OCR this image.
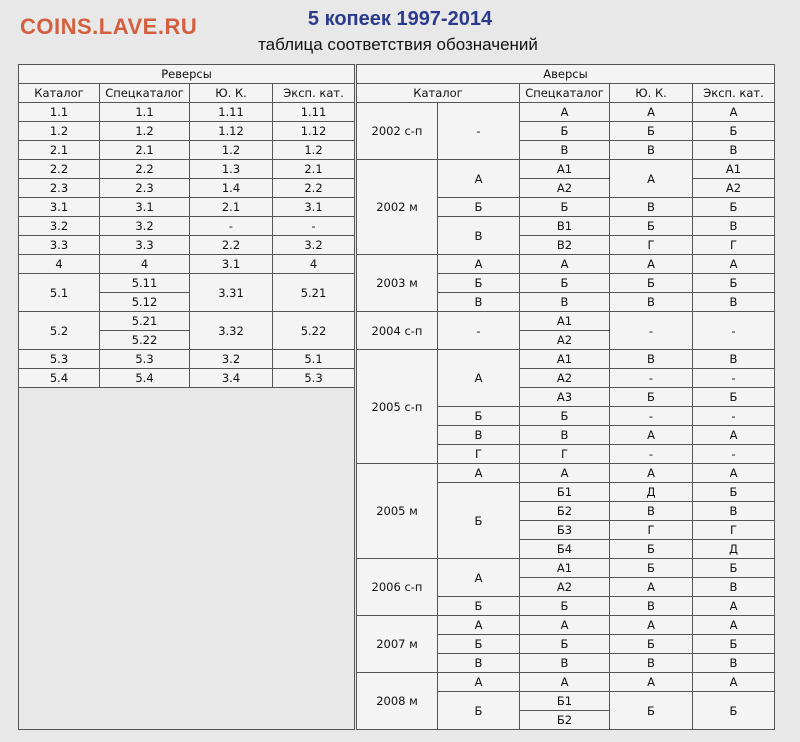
COINS.LAVE.RU	5 копеек 1997-2014
таблица соответствия обозначений
Реверсы					Аверсы				
Каталог	Спецкаталог	Ю. К.	Эксп. кат.		Каталог		Спецкаталог	Ю. К.	Эксп. кат.
1.1	1.1	1.11	1.11		2002 с-п	-	А	А	А
1.2	1.2	1.12	1.12				Б	Б	Б
2.1	2.1	1.2	1.2				В	В	В
2.2	2.2	1.3	2.1		2002 м	А	А1	А	А1
2.3	2.3	1.4	2.2				А2		А2
3.1	3.1	2.1	3.1			Б	Б	В	Б
3.2	3.2	-	-			В	В1	Б	В
3.3	3.3	2.2	3.2				В2	Г	Г
4	4	3.1	4		2003 м	А	А	А	А
5.1	5.11	3.31	5.21			Б	Б	Б	Б
	5.12					В	В	В	В
5.2	5.21	3.32	5.22		2004 с-п	-	А1	-	-
	5.22						А2		
5.3	5.3	3.2	5.1		2005 с-п	А	А1	В	В
5.4	5.4	3.4	5.3				А2	-	-
							А3	Б	Б
						Б	Б	-	-
						В	В	А	А
						Г	Г	-	-
					2005 м	А	А	А	А
						Б	Б1	Д	Б
							Б2	В	В
							Б3	Г	Г
							Б4	Б	Д
					2006 с-п	А	А1	Б	Б
							А2	А	В
						Б	Б	В	А
					2007 м	А	А	А	А
						Б	Б	Б	Б
						В	В	В	В
					2008 м	А	А	А	А
						Б	Б1	Б	Б
							Б2		
